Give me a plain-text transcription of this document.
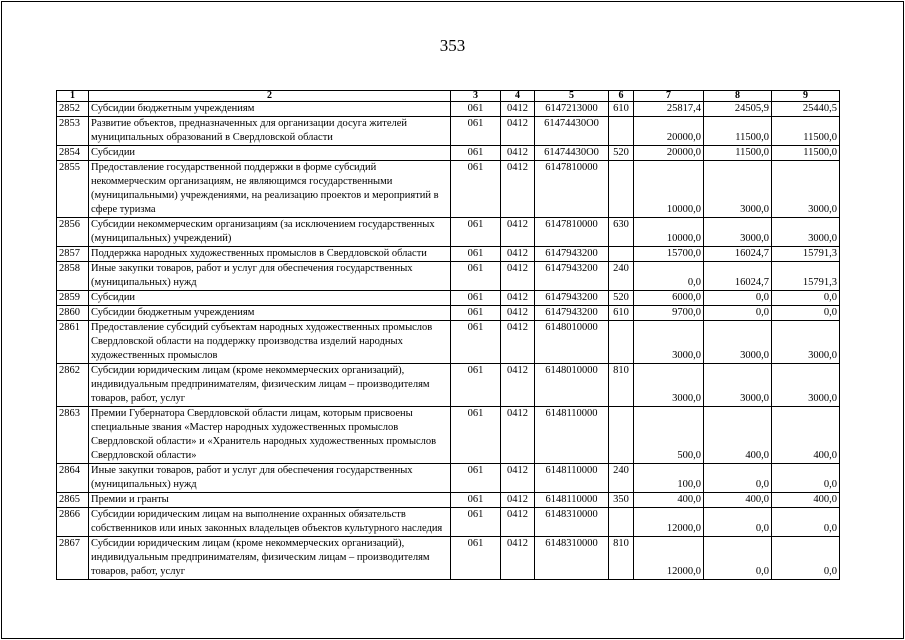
353
1	2	3	4	5	6	7	8	9
2852	Субсидии бюджетным учреждениям	061	0412	6147213000	610	25817,4	24505,9	25440,5
2853	Развитие объектов, предназначенных для организации досуга жителей муниципальных образований в Свердловской области	061	0412	61474430О0		20000,0	11500,0	11500,0
2854	Субсидии	061	0412	61474430О0	520	20000,0	11500,0	11500,0
2855	Предоставление государственной поддержки в форме субсидий некоммерческим организациям, не являющимся государственными (муниципальными) учреждениями, на реализацию проектов и мероприятий в сфере туризма	061	0412	6147810000		10000,0	3000,0	3000,0
2856	Субсидии некоммерческим организациям (за исключением государственных (муниципальных) учреждений)	061	0412	6147810000	630	10000,0	3000,0	3000,0
2857	Поддержка народных художественных промыслов в Свердловской области	061	0412	6147943200		15700,0	16024,7	15791,3
2858	Иные закупки товаров, работ и услуг для обеспечения государственных (муниципальных) нужд	061	0412	6147943200	240	0,0	16024,7	15791,3
2859	Субсидии	061	0412	6147943200	520	6000,0	0,0	0,0
2860	Субсидии бюджетным учреждениям	061	0412	6147943200	610	9700,0	0,0	0,0
2861	Предоставление субсидий субъектам народных художественных промыслов Свердловской области на поддержку производства изделий народных художественных промыслов	061	0412	6148010000		3000,0	3000,0	3000,0
2862	Субсидии юридическим лицам (кроме некоммерческих организаций), индивидуальным предпринимателям, физическим лицам – производителям товаров, работ, услуг	061	0412	6148010000	810	3000,0	3000,0	3000,0
2863	Премии Губернатора Свердловской области лицам, которым присвоены специальные звания «Мастер народных художественных промыслов Свердловской области» и «Хранитель народных художественных промыслов Свердловской области»	061	0412	6148110000		500,0	400,0	400,0
2864	Иные закупки товаров, работ и услуг для обеспечения государственных (муниципальных) нужд	061	0412	6148110000	240	100,0	0,0	0,0
2865	Премии и гранты	061	0412	6148110000	350	400,0	400,0	400,0
2866	Субсидии юридическим лицам на выполнение охранных обязательств собственников или иных законных владельцев объектов культурного наследия	061	0412	6148310000		12000,0	0,0	0,0
2867	Субсидии юридическим лицам (кроме некоммерческих организаций), индивидуальным предпринимателям, физическим лицам – производителям товаров, работ, услуг	061	0412	6148310000	810	12000,0	0,0	0,0
